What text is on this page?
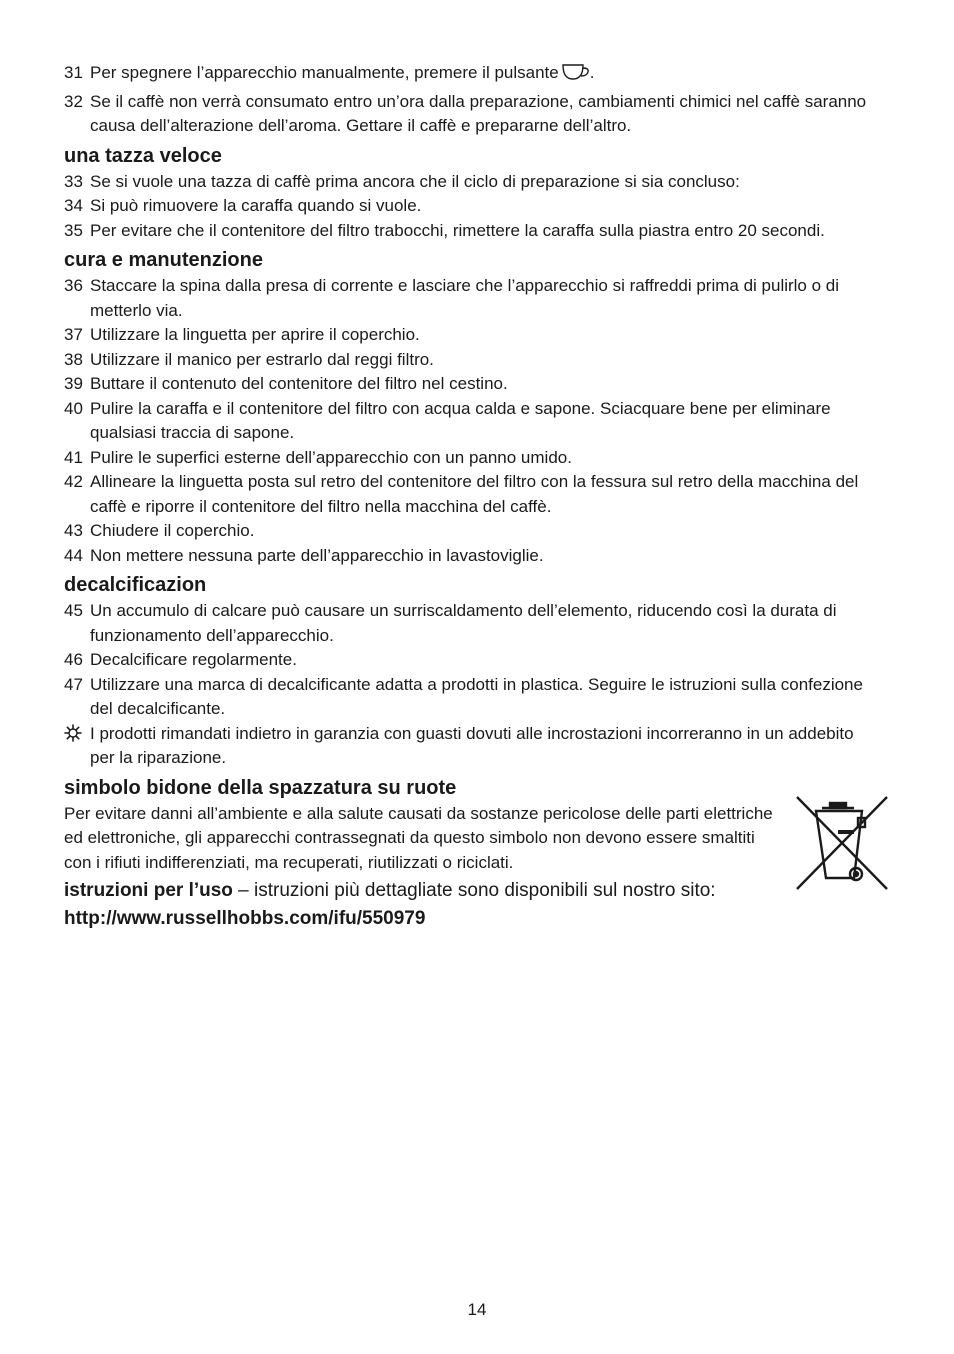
31 Per spegnere l’apparecchio manualmente, premere il pulsante .
32 Se il caffè non verrà consumato entro un’ora dalla preparazione, cambiamenti chimici nel caffè saranno causa dell’alterazione dell’aroma. Gettare il caffè e prepararne dell’altro.
una tazza veloce
33 Se si vuole una tazza di caffè prima ancora che il ciclo di preparazione si sia concluso:
34 Si può rimuovere la caraffa quando si vuole.
35 Per evitare che il contenitore del filtro trabocchi, rimettere la caraffa sulla piastra entro 20 secondi.
cura e manutenzione
36 Staccare la spina dalla presa di corrente e lasciare che l’apparecchio si raffreddi prima di pulirlo o di metterlo via.
37 Utilizzare la linguetta per aprire il coperchio.
38 Utilizzare il manico per estrarlo dal reggi filtro.
39 Buttare il contenuto del contenitore del filtro nel cestino.
40 Pulire la caraffa e il contenitore del filtro con acqua calda e sapone. Sciacquare bene per eliminare qualsiasi traccia di sapone.
41 Pulire le superfici esterne dell’apparecchio con un panno umido.
42 Allineare la linguetta posta sul retro del contenitore del filtro con la fessura sul retro della macchina del caffè e riporre il contenitore del filtro nella macchina del caffè.
43 Chiudere il coperchio.
44 Non mettere nessuna parte dell’apparecchio in lavastoviglie.
decalcificazion
45 Un accumulo di calcare può causare un surriscaldamento dell’elemento, riducendo così la durata di funzionamento dell’apparecchio.
46 Decalcificare regolarmente.
47 Utilizzare una marca di decalcificante adatta a prodotti in plastica. Seguire le istruzioni sulla confezione del decalcificante.
I prodotti rimandati indietro in garanzia con guasti dovuti alle incrostazioni incorreranno in un addebito per la riparazione.
simbolo bidone della spazzatura su ruote
Per evitare danni all’ambiente e alla salute causati da sostanze pericolose delle parti elettriche ed elettroniche, gli apparecchi contrassegnati da questo simbolo non devono essere smaltiti con i rifiuti indifferenziati, ma recuperati, riutilizzati o riciclati.
istruzioni per l’uso – istruzioni più dettagliate sono disponibili sul nostro sito:
http://www.russellhobbs.com/ifu/550979
14
